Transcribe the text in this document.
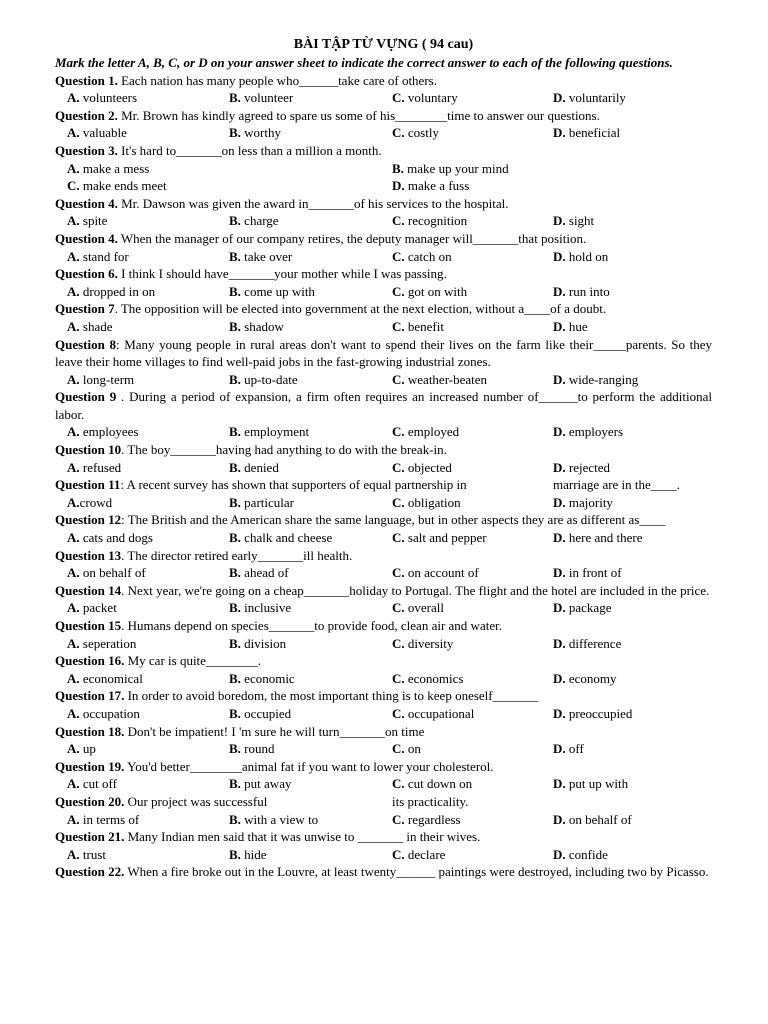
BÀI TẬP TỪ VỰNG ( 94 cau)
Mark the letter A, B, C, or D on your answer sheet to indicate the correct answer to each of the following questions.
Question 1. Each nation has many people who______take care of others.
A. volunteers	B. volunteer	C. voluntary	D. voluntarily
Question 2. Mr. Brown has kindly agreed to spare us some of his________time to answer our questions.
A. valuable	B. worthy	C. costly	D. beneficial
Question 3. It's hard to_______on less than a million a month.
A. make a mess	B. make up your mind
C. make ends meet	D. make a fuss
Question 4. Mr. Dawson was given the award in_______of his services to the hospital.
A. spite	B. charge	C. recognition	D. sight
Question 4. When the manager of our company retires, the deputy manager will_______that position.
A. stand for	B. take over	C. catch on	D. hold on
Question 6. I think I should have_______your mother while I was passing.
A. dropped in on	B. come up with	C. got on with	D. run into
Question 7. The opposition will be elected into government at the next election, without a____of a doubt.
A. shade	B. shadow	C. benefit	D. hue
Question 8: Many young people in rural areas don't want to spend their lives on the farm like their_____parents. So they leave their home villages to find well-paid jobs in the fast-growing industrial zones.
A. long-term	B. up-to-date	C. weather-beaten	D. wide-ranging
Question 9 . During a period of expansion, a firm often requires an increased number of______to perform the additional labor.
A. employees	B. employment	C. employed	D. employers
Question 10. The boy_______having had anything to do with the break-in.
A. refused	B. denied	C. objected	D. rejected
Question 11: A recent survey has shown that supporters of equal partnership in	marriage are in the____.
A.crowd	B. particular	C. obligation	D. majority
Question 12: The British and the American share the same language, but in other aspects they are as different as____
A. cats and dogs	B. chalk and cheese	C. salt and pepper	D. here and there
Question 13. The director retired early_______ill health.
A. on behalf of	B. ahead of	C. on account of	D. in front of
Question 14. Next year, we're going on a cheap_______holiday to Portugal. The flight and the hotel are included in the price.
A. packet	B. inclusive	C. overall	D. package
Question 15. Humans depend on species_______to provide food, clean air and water.
A. seperation	B. division	C. diversity	D. difference
Question 16. My car is quite________.
A. economical	B. economic	C. economics	D. economy
Question 17. In order to avoid boredom, the most important thing is to keep oneself_______
A. occupation	B. occupied	C. occupational	D. preoccupied
Question 18. Don't be impatient! I 'm sure he will turn_______on time
A. up	B. round	C. on	D. off
Question 19. You'd better________animal fat if you want to lower your cholesterol.
A. cut off	B. put away	C. cut down on	D. put up with
Question 20. Our project was successful	its practicality.
A. in terms of	B. with a view to	C. regardless	D. on behalf of
Question 21. Many Indian men said that it was unwise to _______ in their wives.
A. trust	B. hide	C. declare	D. confide
Question 22. When a fire broke out in the Louvre, at least twenty______ paintings were destroyed, including two by Picasso.
